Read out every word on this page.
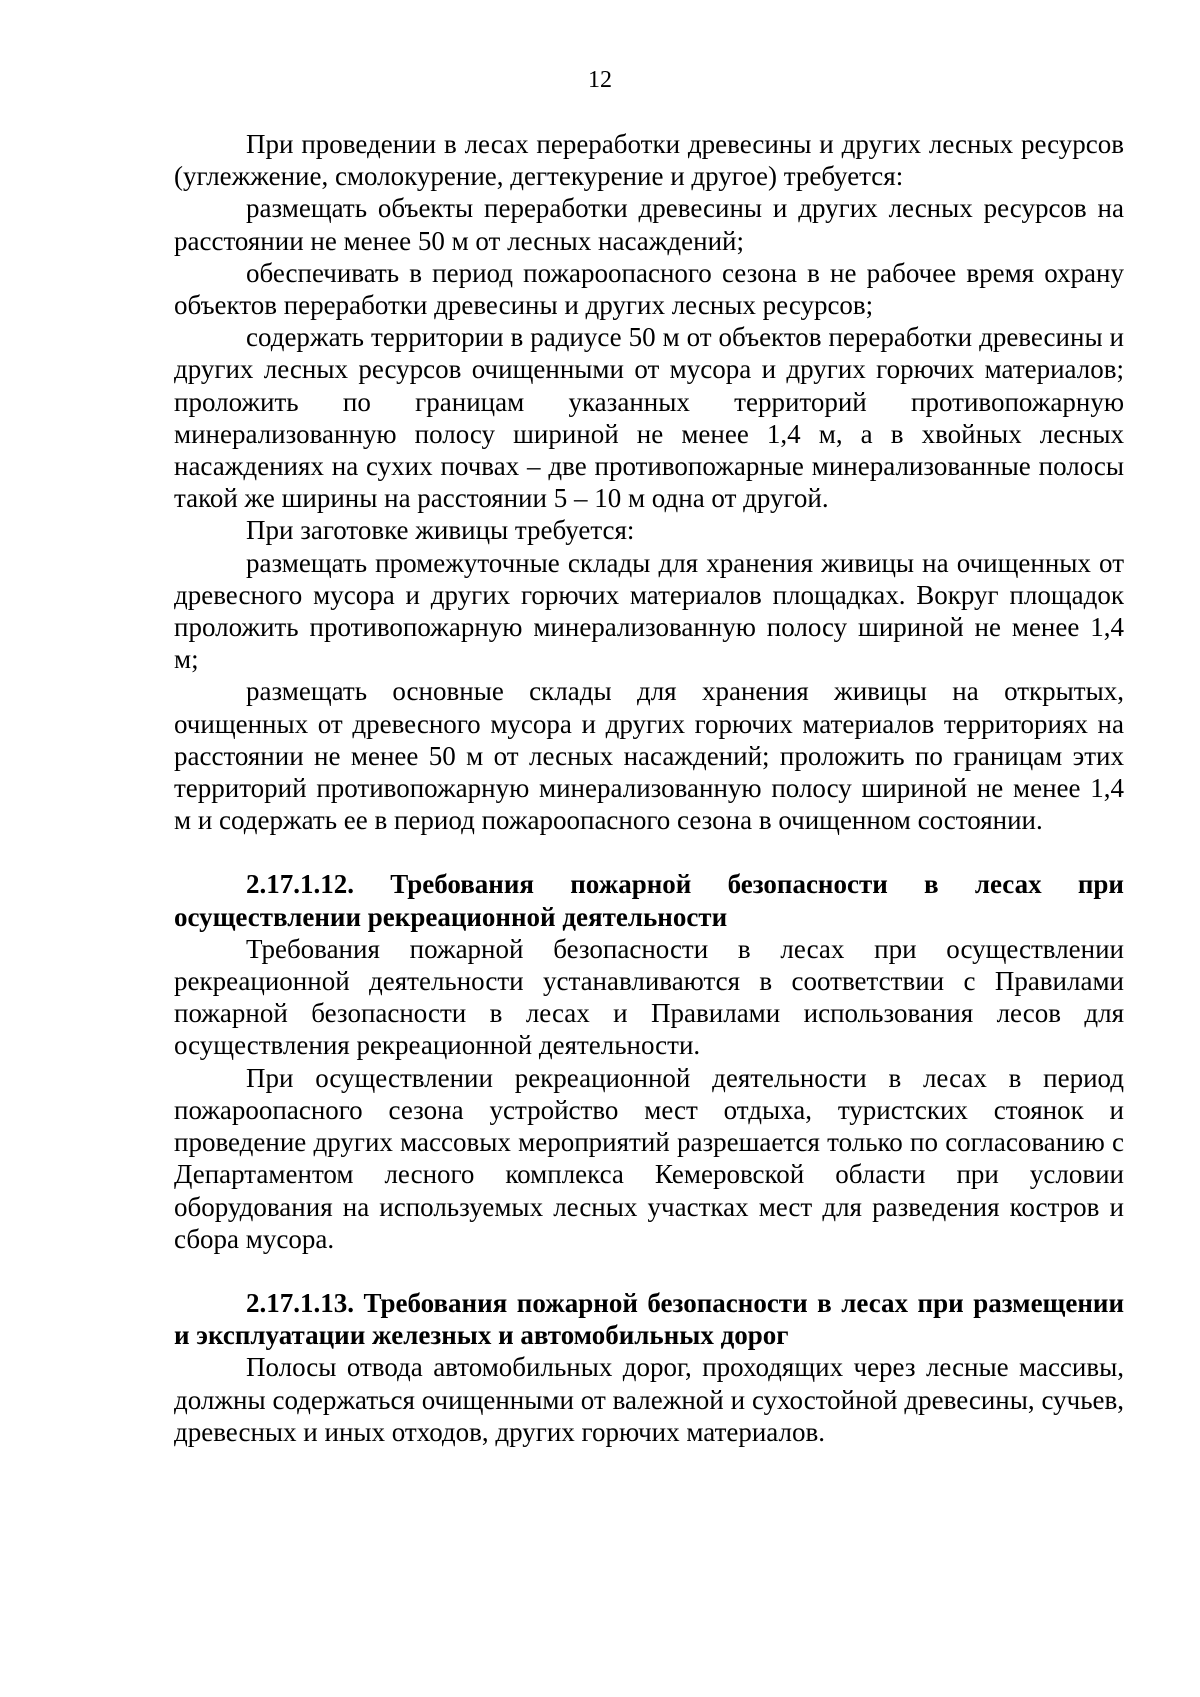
12

При проведении в лесах переработки древесины и других лесных ресурсов (углежжение, смолокурение, дегтекурение и другое) требуется:

размещать объекты переработки древесины и других лесных ресурсов на расстоянии не менее 50 м от лесных насаждений;

обеспечивать в период пожароопасного сезона в не рабочее время охрану объектов переработки древесины и других лесных ресурсов;

содержать территории в радиусе 50 м от объектов переработки древесины и других лесных ресурсов очищенными от мусора и других горючих материалов; проложить по границам указанных территорий противопожарную минерализованную полосу шириной не менее 1,4 м, а в хвойных лесных насаждениях на сухих почвах – две противопожарные минерализованные полосы такой же ширины на расстоянии 5 – 10 м одна от другой.

При заготовке живицы требуется:

размещать промежуточные склады для хранения живицы на очищенных от древесного мусора и других горючих материалов площадках. Вокруг площадок проложить противопожарную минерализованную полосу шириной не менее 1,4 м;

размещать основные склады для хранения живицы на открытых, очищенных от древесного мусора и других горючих материалов территориях на расстоянии не менее 50 м от лесных насаждений; проложить по границам этих территорий противопожарную минерализованную полосу шириной не менее 1,4 м и содержать ее в период пожароопасного сезона в очищенном состоянии.

2.17.1.12. Требования пожарной безопасности в лесах при осуществлении рекреационной деятельности

Требования пожарной безопасности в лесах при осуществлении рекреационной деятельности устанавливаются в соответствии с Правилами пожарной безопасности в лесах и Правилами использования лесов для осуществления рекреационной деятельности.

При осуществлении рекреационной деятельности в лесах в период пожароопасного сезона устройство мест отдыха, туристских стоянок и проведение других массовых мероприятий разрешается только по согласованию с Департаментом лесного комплекса Кемеровской области при условии оборудования на используемых лесных участках мест для разведения костров и сбора мусора.

2.17.1.13. Требования пожарной безопасности в лесах при размещении и эксплуатации железных и автомобильных дорог

Полосы отвода автомобильных дорог, проходящих через лесные массивы, должны содержаться очищенными от валежной и сухостойной древесины, сучьев, древесных и иных отходов, других горючих материалов.
